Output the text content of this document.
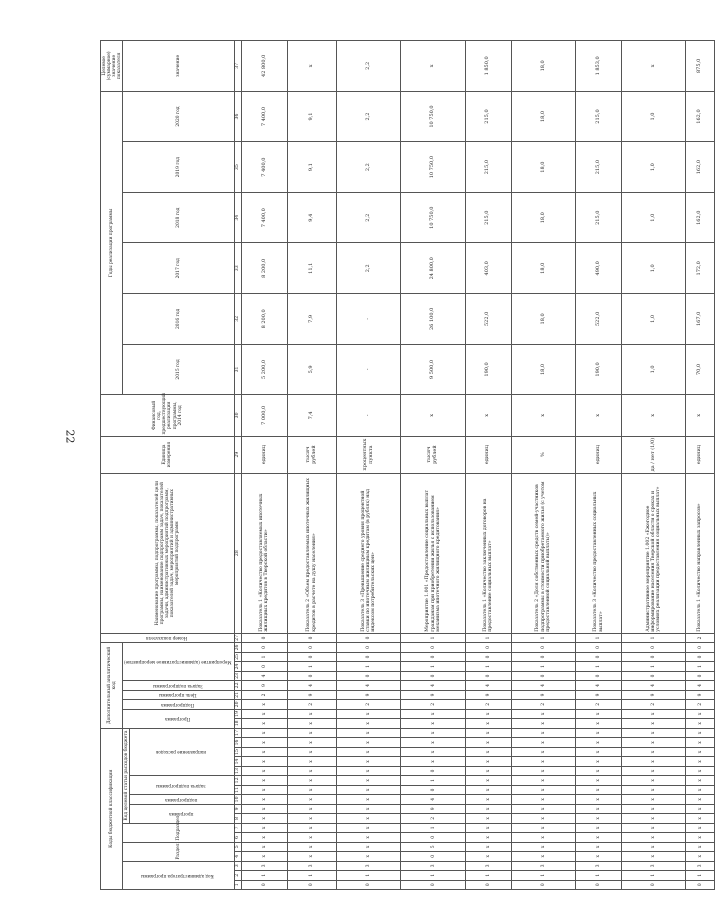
22
Коды бюджетной классификации																	Дополнительный аналитический код									Номер показателя	Наименование программы, подпрограммы, показателей цели программы, наименование подпрограмм задач, показателей задачи, административных мероприятий подпрограмм, показателей задач, мероприятий и административных мероприятий подпрограмм	Единица измерения	Финансовый год, предшествующий реализации программы, 2014 год	Годы реализации программы						Целевое (суммарное) значение показателя
Код администратора программы			Раздел		Подраздел		Код целевой статьи расходов бюджета										Программа		Подпрограмма	Цель программы	Задача подпрограммы	Мероприятие (административное мероприятие)								2015 год	2016 год	2017 год	2018 год	2019 год	2020 год	значение
							программа		подпрограмма	задача подпрограммы		направление расходов																								

1	2	3	4	5	6	7	8	9	10	11	12	13	14	15	16	17	18	19	20	21	22	23	24	25	26	27	28	29	30	31	32	33	34	35	36	37
0	1	3	x	x	x	x	x	x	x	x	x	x	x	x	x	x	x	x	x	2	9	4	0	1	0	0	Показатель 1 «Количество предоставляемых ипотечных жилищных кредитов в Тверской области»	единиц	7 000,0	5 200,0	8 200,0	8 200,0	7 400,0	7 400,0	7 400,0	42 800,0
0	1	3	x	x	x	x	x	x	x	x	x	x	x	x	x	x	x	x	2	9	4	0	1	0	0	0	Показатель 2 «Объем предоставляемых ипотечных жилищных кредитов в расчете на душу населения»	тысяч рублей	7,4	5,9	7,9	11,1	9,4	9,1	9,1	x
0	1	3	x	x	x	x	x	x	x	x	x	x	x	x	x	x	x	x	2	9	4	0	1	0	0	0	Показатель 3 «Превышение среднего уровня процентной ставки по ипотечным жилищным кредитам (в рублях) над индексом потребительских цен»	процентных пункта	-	-	-	2,2	2,2	2,2	2,2	2,2
0	1	3	0	5	0	1	2	9	4	0	1	0	x	x	x	x	x	x	2	9	4	0	1	0	0	1	Мероприятие 1.001 «Предоставление социальных выплат гражданам при приобретении жилья с использованием механизма ипотечного жилищного кредитования»	тысяч рублей	x	9 500,0	26 100,0	24 800,0	10 750,0	10 750,0	10 750,0	x
0	1	3	x	x	x	x	x	x	x	x	x	x	x	x	x	x	x	x	2	9	4	0	1	0	0	1	Показатель 1 «Количество заключенных договоров на предоставление социальных выплат»	единиц	x	190,0	522,0	403,0	215,0	215,0	215,0	1 850,0
0	1	3	x	x	x	x	x	x	x	x	x	x	x	x	x	x	x	x	2	9	4	0	1	0	0	1	Показатель 2 «Доля собственных средств семей-участников подпрограммы в стоимости приобретаемого жилья (с учетом предоставленной социальной выплаты)»	%	x	18,0	18,0	18,0	18,0	18,0	18,0	18,0
0	1	3	x	x	x	x	x	x	x	x	x	x	x	x	x	x	x	x	2	9	4	0	1	0	0	1	Показатель 3 «Количество предоставленных социальных выплат»	единиц	x	190,0	522,0	490,0	215,0	215,0	215,0	1 853,0
0	1	3	x	x	x	x	x	x	x	x	x	x	x	x	x	x	x	x	2	9	4	0	1	0	0	1	Административное мероприятие 1.002 «Ежегодное информирование населения Тверской области о сроках и условиях реализации предоставления социальных выплат»	да / нет (1/0)	x	1,0	1,0	1,0	1,0	1,0	1,0	x
0	1	3	x	x	x	x	x	x	x	x	x	x	x	x	x	x	x	x	2	9	4	0	1	0	0	2	Показатель 1 «Количество направленных запросов»	единиц	x	70,0	167,0	172,0	162,0	162,0	162,0	875,0
